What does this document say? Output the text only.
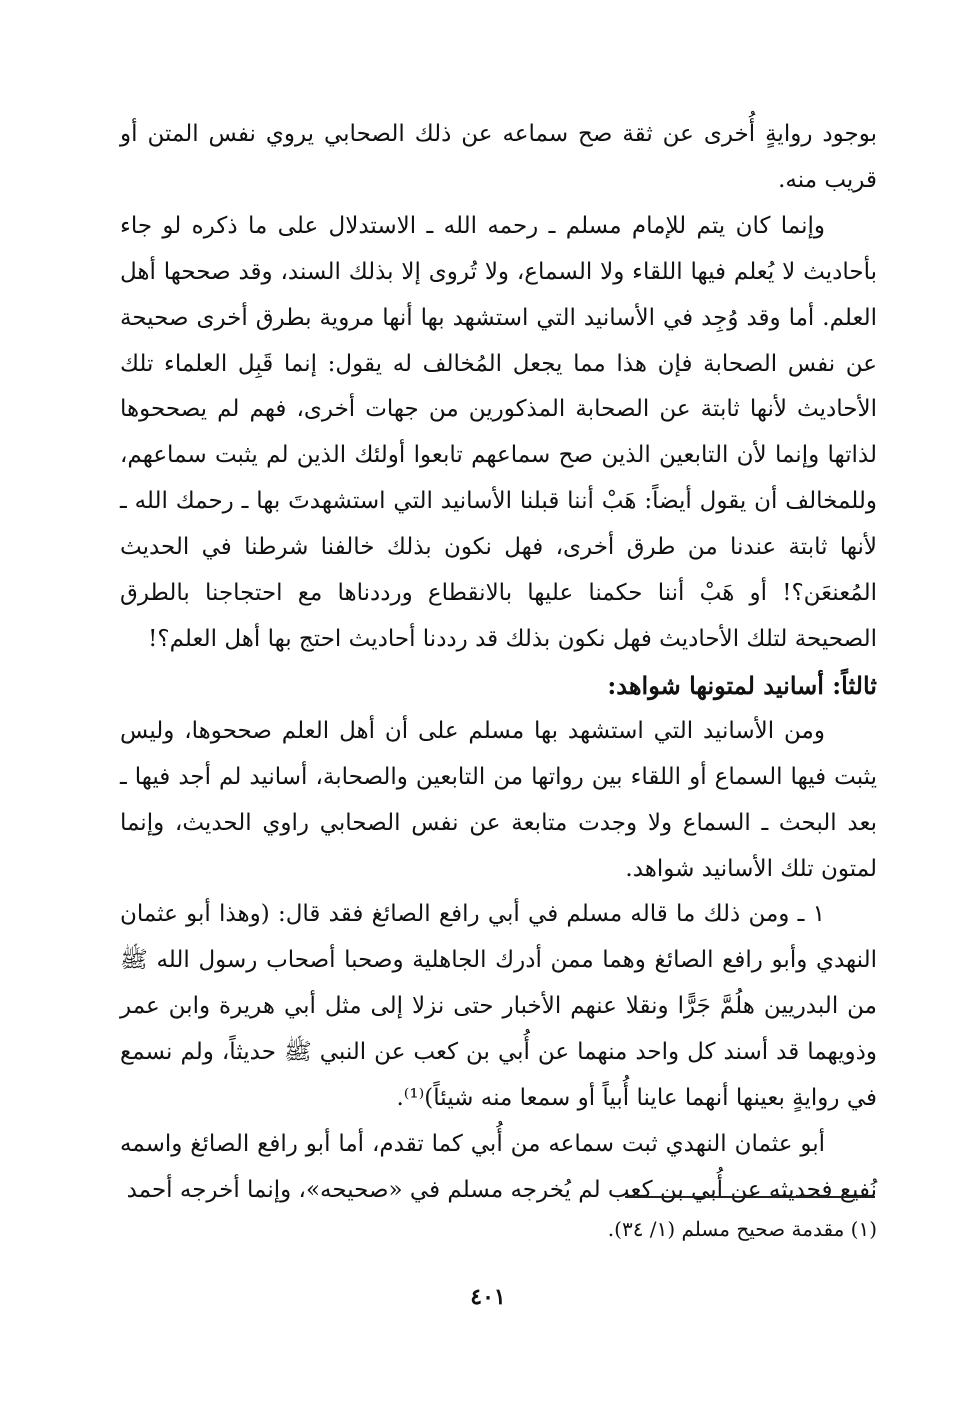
بوجود روايةٍ أُخرى عن ثقة صح سماعه عن ذلك الصحابي يروي نفس المتن أو قريب منه.

وإنما كان يتم للإمام مسلم ـ رحمه الله ـ الاستدلال على ما ذكره لو جاء بأحاديث لا يُعلم فيها اللقاء ولا السماع، ولا تُروى إلا بذلك السند، وقد صححها أهل العلم. أما وقد وُجِد في الأسانيد التي استشهد بها أنها مروية بطرق أخرى صحيحة عن نفس الصحابة فإن هذا مما يجعل المُخالف له يقول: إنما قَبِل العلماء تلك الأحاديث لأنها ثابتة عن الصحابة المذكورين من جهات أخرى، فهم لم يصححوها لذاتها وإنما لأن التابعين الذين صح سماعهم تابعوا أولئك الذين لم يثبت سماعهم، وللمخالف أن يقول أيضاً: هَبْ أننا قبلنا الأسانيد التي استشهدتَ بها ـ رحمك الله ـ لأنها ثابتة عندنا من طرق أخرى، فهل نكون بذلك خالفنا شرطنا في الحديث المُعنعَن؟! أو هَبْ أننا حكمنا عليها بالانقطاع ورددناها مع احتجاجنا بالطرق الصحيحة لتلك الأحاديث فهل نكون بذلك قد رددنا أحاديث احتج بها أهل العلم؟!

ثالثاً: أسانيد لمتونها شواهد:

ومن الأسانيد التي استشهد بها مسلم على أن أهل العلم صححوها، وليس يثبت فيها السماع أو اللقاء بين رواتها من التابعين والصحابة، أسانيد لم أجد فيها ـ بعد البحث ـ السماع ولا وجدت متابعة عن نفس الصحابي راوي الحديث، وإنما لمتون تلك الأسانيد شواهد.

١ ـ ومن ذلك ما قاله مسلم في أبي رافع الصائغ فقد قال: (وهذا أبو عثمان النهدي وأبو رافع الصائغ وهما ممن أدرك الجاهلية وصحبا أصحاب رسول الله ﷺ من البدريين هلُمَّ جَرًّا ونقلا عنهم الأخبار حتى نزلا إلى مثل أبي هريرة وابن عمر وذويهما قد أسند كل واحد منهما عن أُبي بن كعب عن النبي ﷺ حديثاً، ولم نسمع في روايةٍ بعينها أنهما عاينا أُبياً أو سمعا منه شيئاً)⁽¹⁾.

أبو عثمان النهدي ثبت سماعه من أُبي كما تقدم، أما أبو رافع الصائغ واسمه نُفيع فحديثه عن أُبي بن كعب لم يُخرجه مسلم في «صحيحه»، وإنما أخرجه أحمد

(١) مقدمة صحيح مسلم (١/ ٣٤).

٤٠١
